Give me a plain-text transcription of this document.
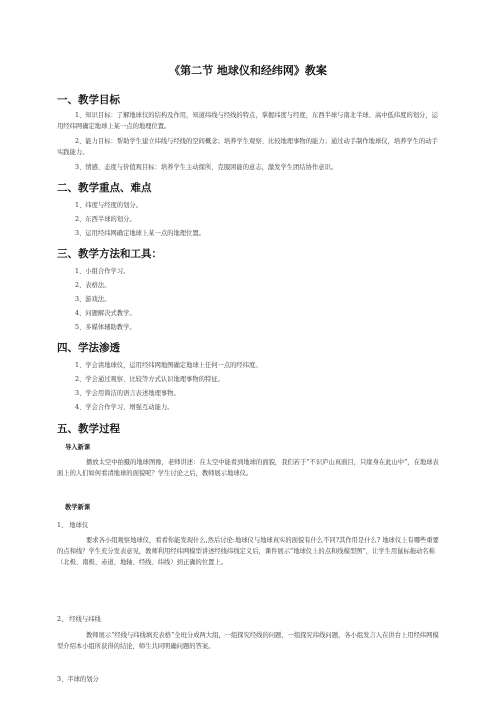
《第二节 地球仪和经纬网》教案
一、教学目标
1、知识目标：了解地球仪的结构及作用，知道纬线与经线的特点，掌握纬度与经度，东西半球与南北半球、高中低纬度的划分，运用经纬网确定地球上某一点的地理位置。
2、能力目标：帮助学生建立纬线与经线的空间概念；培养学生观察、比较地理事物的能力；通过动手制作地球仪，培养学生的动手实践能力。
3、情感、态度与价值观目标：培养学生主动探所、克服困能的意志，激发学生团结协作意识。
二、教学重点、难点
1、纬度与经度的划分。
2、东西半球的划分。
3、运用经纬网确定地球上某一点的地理位置。
三、教学方法和工具：
1、小组合作学习。
2、表格法。
3、游戏法。
4、问题解决式教学。
5、多媒体辅助教学。
四、学法渗透
1、学会读地球仪，运用经纬网地图确定地球上任何一点的经纬度。
2、学会通过观察、比较等方式认识地理事物的特征。
3、学会用简洁的语言表述地理事物。
4、学会合作学习，增强互动能力。
五、教学过程
导入新课
播放太空中拍摄的地球图像，老师讲述：在太空中能看到地球的面貌，我们若于“不识庐山真面目，只缘身在此山中”，在地球表面上的人们如何看清地球的面貌呢？学生讨论之后，教师展示地球仪。
教学新课
1、 地球仪
要求各小组观察地球仪，看看你能发现什么,然后讨论:地球仪与地球真实的面貌有什么不同?其作用是什么? 地球仪上有哪些重要的点和线？学生充分发表意见，教师利用经纬网模型讲述经线纬线定义后，课件展示“地球仪上的点和线模型图”，让学生用鼠标拖动名称（北极、南极、赤道、地轴、经线、纬线）到正确的位置上。
2、 经线与纬线
教师展示“经线与纬线填充表格”全班分成两大组，一组探究经线的问题，一组探究纬线问题，各小组发言人在讲台上用经纬网模型介绍本小组所获得的结论，师生共同明确问题的答案。
3、半球的划分
